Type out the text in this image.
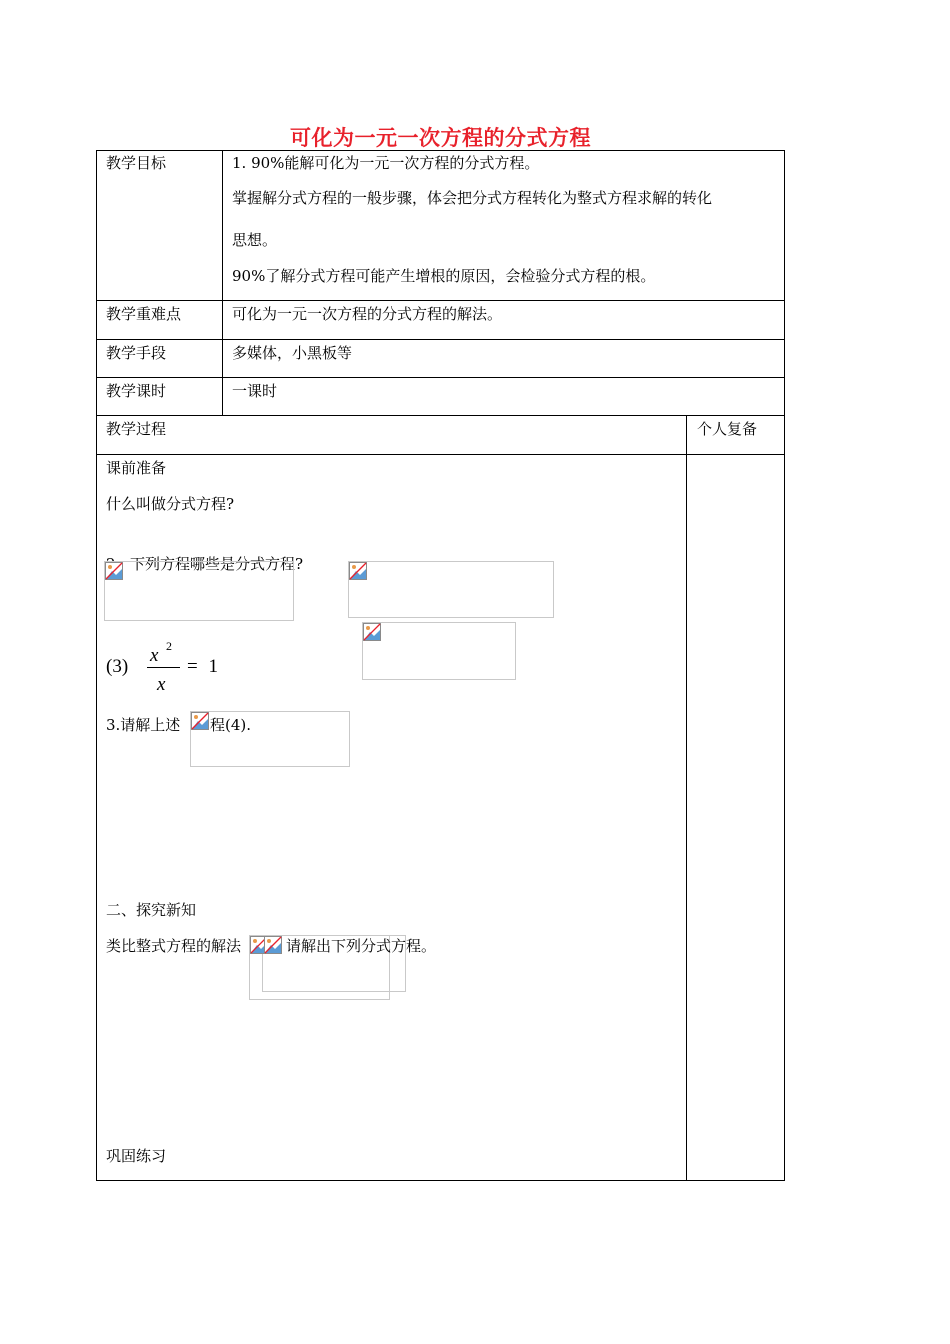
可化为一元一次方程的分式方程
教学目标	1. 90%能解可化为一元一次方程的分式方程。
掌握解分式方程的一般步骤，体会把分式方程转化为整式方程求解的转化
思想。
90%了解分式方程可能产生增根的原因，会检验分式方程的根。
教学重难点	可化为一元一次方程的分式方程的解法。
教学手段	多媒体，小黑板等
教学课时	一课时
教学过程	个人复备
课前准备
什么叫做分式方程?
下列方程哪些是分式方程?
(3)
x 2
x
= 1
3.请解上述 程(4).
二、探究新知
类比整式方程的解法	请解出下列分式方程。
巩固练习
